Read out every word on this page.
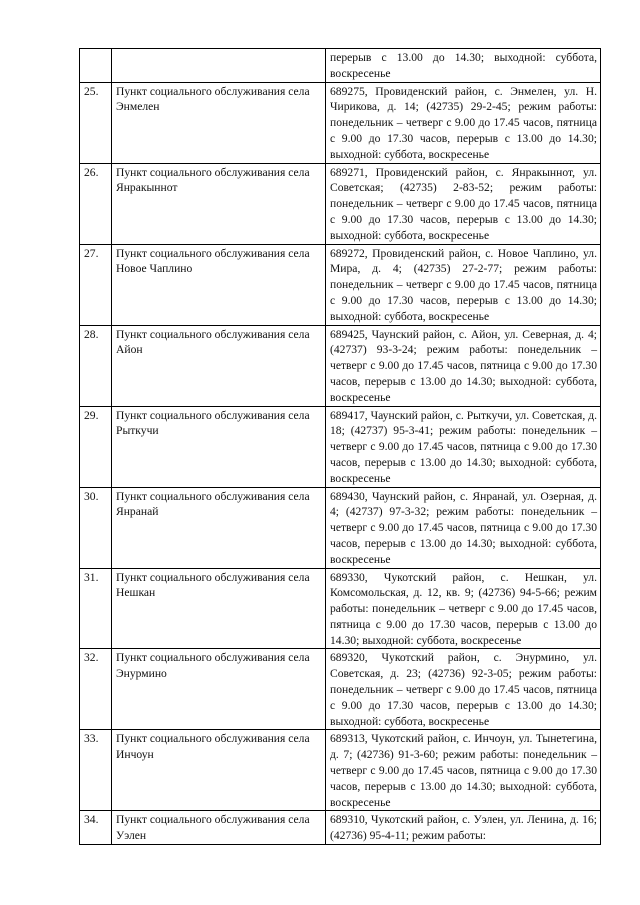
		перерыв с 13.00 до 14.30; выходной: суббота, воскресенье
25.	Пункт социального обслуживания села Энмелен	689275, Провиденский район, с. Энмелен, ул. Н. Чирикова, д. 14; (42735) 29-2-45; режим работы: понедельник – четверг с 9.00 до 17.45 часов, пятница с 9.00 до 17.30 часов, перерыв с 13.00 до 14.30; выходной: суббота, воскресенье
26.	Пункт социального обслуживания села Янракыннот	689271, Провиденский район, с. Янракыннот, ул. Советская; (42735) 2-83-52; режим работы: понедельник – четверг с 9.00 до 17.45 часов, пятница с 9.00 до 17.30 часов, перерыв с 13.00 до 14.30; выходной: суббота, воскресенье
27.	Пункт социального обслуживания села Новое Чаплино	689272, Провиденский район, с. Новое Чаплино, ул. Мира, д. 4; (42735) 27-2-77; режим работы: понедельник – четверг с 9.00 до 17.45 часов, пятница с 9.00 до 17.30 часов, перерыв с 13.00 до 14.30; выходной: суббота, воскресенье
28.	Пункт социального обслуживания села Айон	689425, Чаунский район, с. Айон, ул. Северная, д. 4; (42737) 93-3-24; режим работы: понедельник – четверг с 9.00 до 17.45 часов, пятница с 9.00 до 17.30 часов, перерыв с 13.00 до 14.30; выходной: суббота, воскресенье
29.	Пункт социального обслуживания села Рыткучи	689417, Чаунский район, с. Рыткучи, ул. Советская, д. 18; (42737) 95-3-41; режим работы: понедельник – четверг с 9.00 до 17.45 часов, пятница с 9.00 до 17.30 часов, перерыв с 13.00 до 14.30; выходной: суббота, воскресенье
30.	Пункт социального обслуживания села Янранай	689430, Чаунский район, с. Янранай, ул. Озерная, д. 4; (42737) 97-3-32; режим работы: понедельник – четверг с 9.00 до 17.45 часов, пятница с 9.00 до 17.30 часов, перерыв с 13.00 до 14.30; выходной: суббота, воскресенье
31.	Пункт социального обслуживания села Нешкан	689330, Чукотский район, с. Нешкан, ул. Комсомольская, д. 12, кв. 9; (42736) 94-5-66; режим работы: понедельник – четверг с 9.00 до 17.45 часов, пятница с 9.00 до 17.30 часов, перерыв с 13.00 до 14.30; выходной: суббота, воскресенье
32.	Пункт социального обслуживания села Энурмино	689320, Чукотский район, с. Энурмино, ул. Советская, д. 23; (42736) 92-3-05; режим работы: понедельник – четверг с 9.00 до 17.45 часов, пятница с 9.00 до 17.30 часов, перерыв с 13.00 до 14.30; выходной: суббота, воскресенье
33.	Пункт социального обслуживания села Инчоун	689313, Чукотский район, с. Инчоун, ул. Тынетегина, д. 7; (42736) 91-3-60; режим работы: понедельник – четверг с 9.00 до 17.45 часов, пятница с 9.00 до 17.30 часов, перерыв с 13.00 до 14.30; выходной: суббота, воскресенье
34.	Пункт социального обслуживания села Уэлен	689310, Чукотский район, с. Уэлен, ул. Ленина, д. 16; (42736) 95-4-11; режим работы:
